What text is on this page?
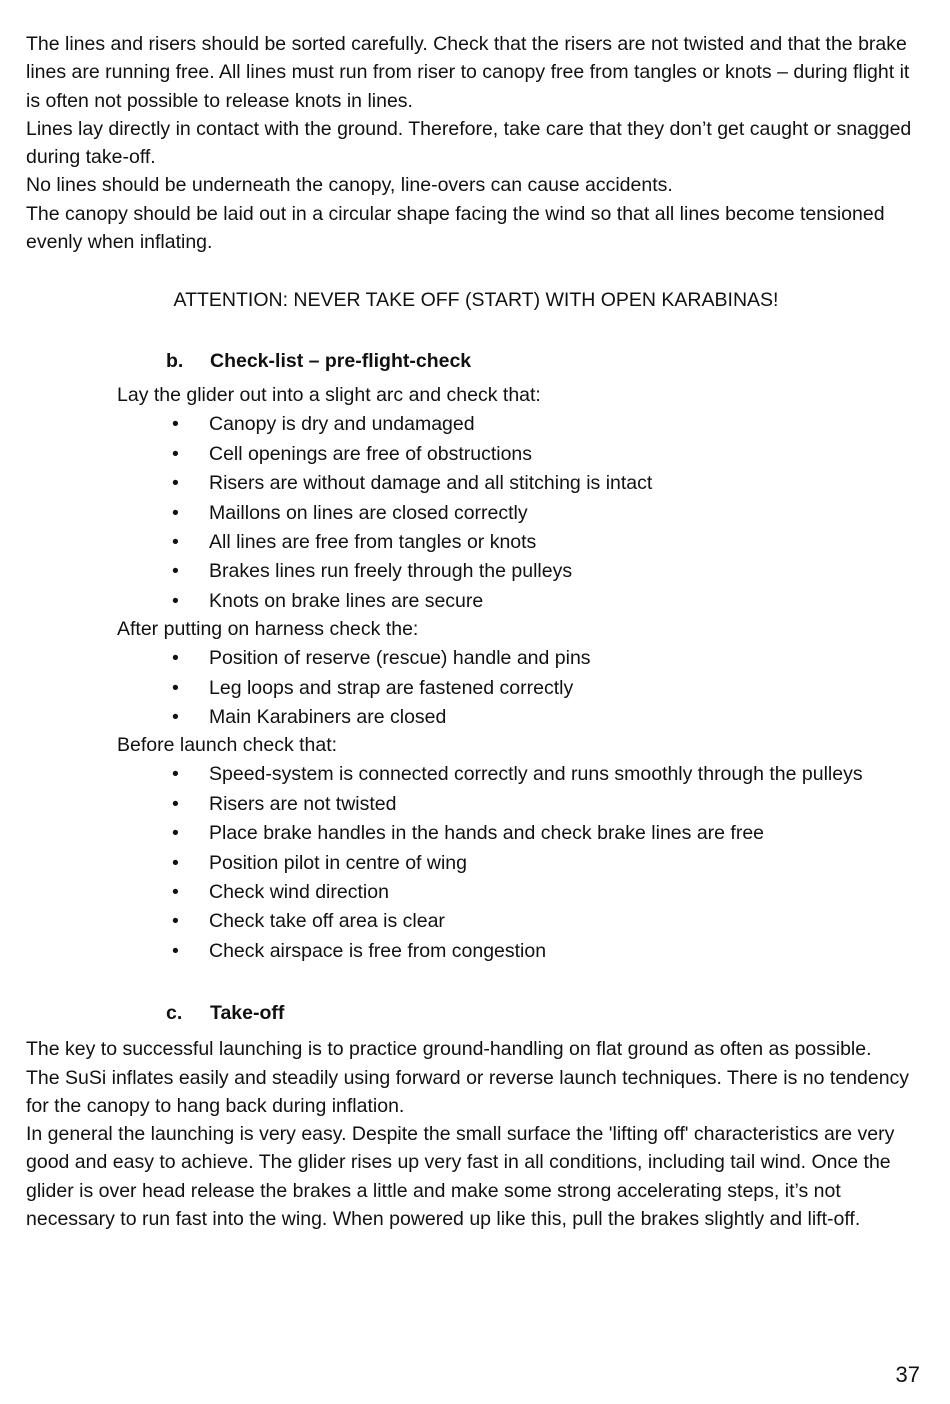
The lines and risers should be sorted carefully. Check that the risers are not twisted and that the brake lines are running free. All lines must run from riser to canopy free from tangles or knots – during flight it is often not possible to release knots in lines.

Lines lay directly in contact with the ground. Therefore, take care that they don’t get caught or snagged during take-off.

No lines should be underneath the canopy, line-overs can cause accidents.

The canopy should be laid out in a circular shape facing the wind so that all lines become tensioned evenly when inflating.

ATTENTION: NEVER TAKE OFF (START) WITH OPEN KARABINAS!
b.	Check-list – pre-flight-check
Lay the glider out into a slight arc and check that:
• Canopy is dry and undamaged
• Cell openings are free of obstructions
• Risers are without damage and all stitching is intact
• Maillons on lines are closed correctly
• All lines are free from tangles or knots
• Brakes lines run freely through the pulleys
• Knots on brake lines are secure
After putting on harness check the:
• Position of reserve (rescue) handle and pins
• Leg loops and strap are fastened correctly
• Main Karabiners are closed
Before launch check that:
• Speed-system is connected correctly and runs smoothly through the pulleys
• Risers are not twisted
• Place brake handles in the hands and check brake lines are free
• Position pilot in centre of wing
• Check wind direction
• Check take off area is clear
• Check airspace is free from congestion
c.	Take-off

The key to successful launching is to practice ground-handling on flat ground as often as possible.

The SuSi inflates easily and steadily using forward or reverse launch techniques. There is no tendency for the canopy to hang back during inflation.

In general the launching is very easy. Despite the small surface the 'lifting off' characteristics are very good and easy to achieve. The glider rises up very fast in all conditions, including tail wind. Once the glider is over head release the brakes a little and make some strong accelerating steps, it’s not necessary to run fast into the wing. When powered up like this, pull the brakes slightly and lift-off.

37
